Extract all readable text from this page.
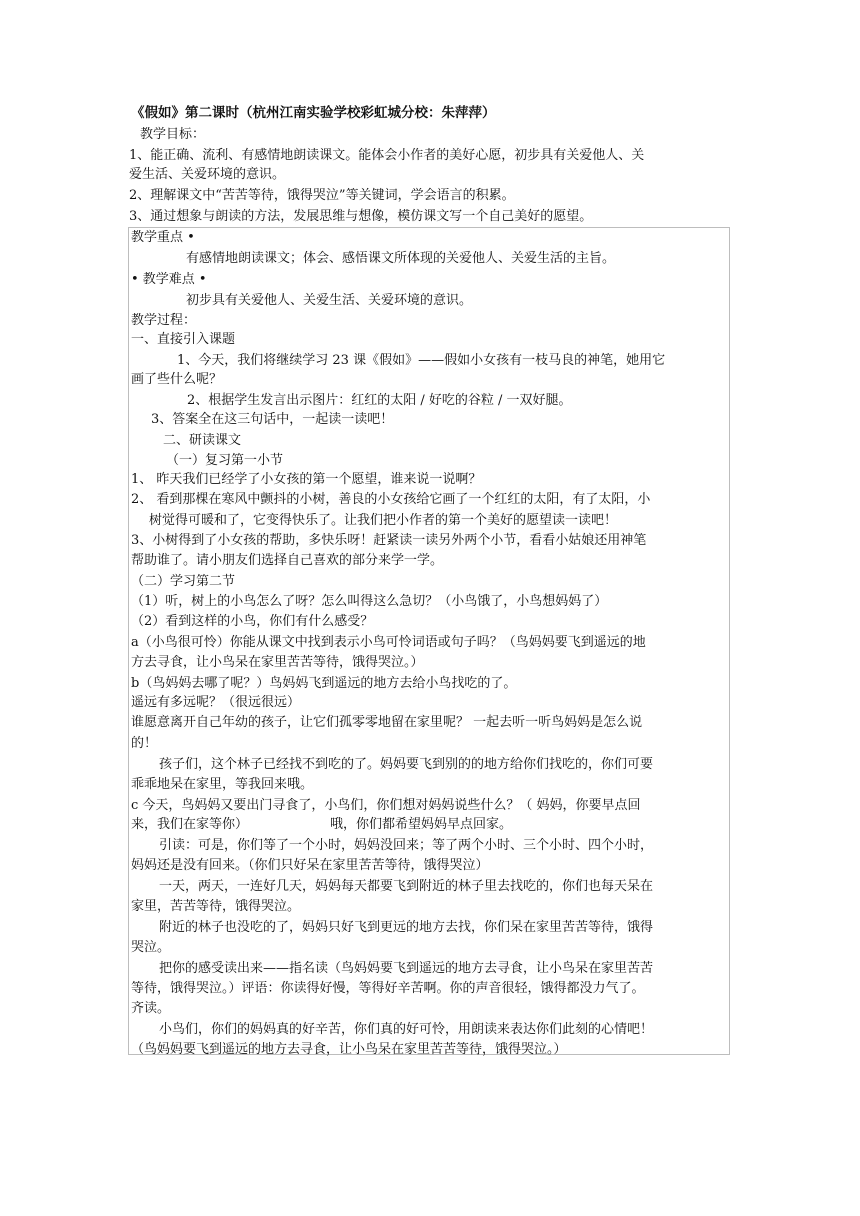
《假如》第二课时（杭州江南实验学校彩虹城分校：朱萍萍）
教学目标：
1、能正确、流利、有感情地朗读课文。能体会小作者的美好心愿，初步具有关爱他人、关
爱生活、关爱环境的意识。
2、理解课文中“苦苦等待，饿得哭泣”等关键词，学会语言的积累。
3、通过想象与朗读的方法，发展思维与想像，模仿课文写一个自己美好的愿望。
教学重点 •
有感情地朗读课文；体会、感悟课文所体现的关爱他人、关爱生活的主旨。
• 教学难点 •
初步具有关爱他人、关爱生活、关爱环境的意识。
教学过程：
一、直接引入课题
1、今天，我们将继续学习 23 课《假如》——假如小女孩有一枝马良的神笔，她用它
画了些什么呢？
2、根据学生发言出示图片：红红的太阳 / 好吃的谷粒 / 一双好腿。
3、答案全在这三句话中，一起读一读吧！
二、研读课文
（一）复习第一小节
1、 昨天我们已经学了小女孩的第一个愿望，谁来说一说啊？
2、 看到那棵在寒风中颤抖的小树，善良的小女孩给它画了一个红红的太阳，有了太阳，小
树觉得可暖和了，它变得快乐了。让我们把小作者的第一个美好的愿望读一读吧！
3、小树得到了小女孩的帮助，多快乐呀！赶紧读一读另外两个小节，看看小姑娘还用神笔
帮助谁了。请小朋友们选择自己喜欢的部分来学一学。
（二）学习第二节
（1）听，树上的小鸟怎么了呀？怎么叫得这么急切？（小鸟饿了，小鸟想妈妈了）
（2）看到这样的小鸟，你们有什么感受？
a（小鸟很可怜）你能从课文中找到表示小鸟可怜词语或句子吗？（鸟妈妈要飞到遥远的地
方去寻食，让小鸟呆在家里苦苦等待，饿得哭泣。）
b（鸟妈妈去哪了呢？）鸟妈妈飞到遥远的地方去给小鸟找吃的了。
遥远有多远呢？（很远很远）
谁愿意离开自己年幼的孩子，让它们孤零零地留在家里呢？ 一起去听一听鸟妈妈是怎么说
的！
孩子们，这个林子已经找不到吃的了。妈妈要飞到别的的地方给你们找吃的，你们可要
乖乖地呆在家里，等我回来哦。
c 今天，鸟妈妈又要出门寻食了，小鸟们，你们想对妈妈说些什么？（ 妈妈，你要早点回
来，我们在家等你）	哦，你们都希望妈妈早点回家。
引读：可是，你们等了一个小时，妈妈没回来；等了两个小时、三个小时、四个小时，
妈妈还是没有回来。（你们只好呆在家里苦苦等待，饿得哭泣）
一天，两天，一连好几天，妈妈每天都要飞到附近的林子里去找吃的，你们也每天呆在
家里，苦苦等待，饿得哭泣。
附近的林子也没吃的了，妈妈只好飞到更远的地方去找，你们呆在家里苦苦等待，饿得
哭泣。
把你的感受读出来——指名读（鸟妈妈要飞到遥远的地方去寻食，让小鸟呆在家里苦苦
等待，饿得哭泣。）评语：你读得好慢，等得好辛苦啊。你的声音很轻，饿得都没力气了。
齐读。
小鸟们，你们的妈妈真的好辛苦，你们真的好可怜，用朗读来表达你们此刻的心情吧！
（鸟妈妈要飞到遥远的地方去寻食，让小鸟呆在家里苦苦等待，饿得哭泣。）
